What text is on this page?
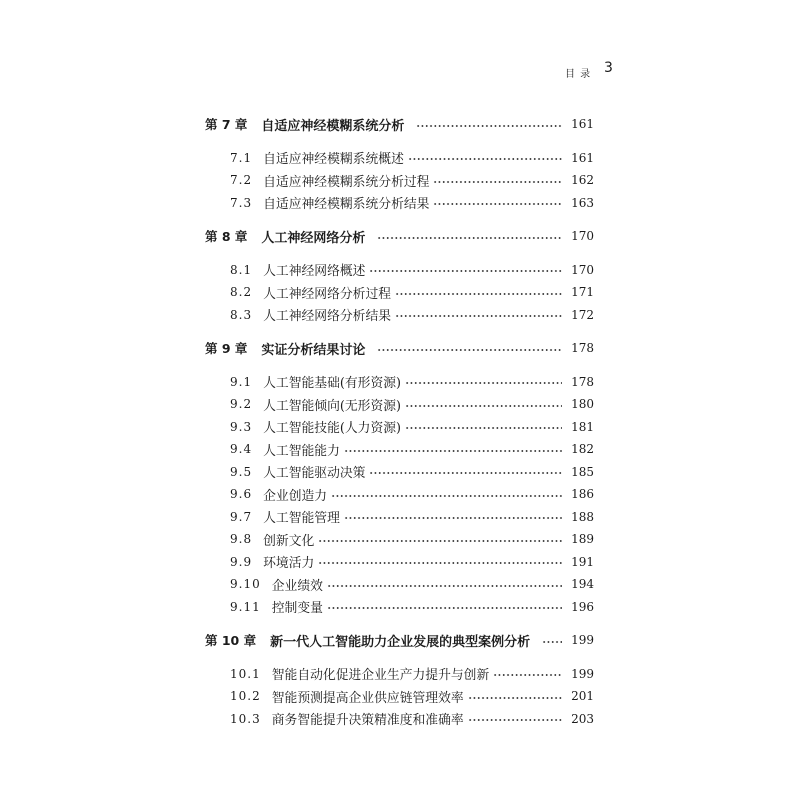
目 录 3
第 7 章 自适应神经模糊系统分析	161
7.1 自适应神经模糊系统概述	161
7.2 自适应神经模糊系统分析过程	162
7.3 自适应神经模糊系统分析结果	163
第 8 章 人工神经网络分析	170
8.1 人工神经网络概述	170
8.2 人工神经网络分析过程	171
8.3 人工神经网络分析结果	172
第 9 章 实证分析结果讨论	178
9.1 人工智能基础(有形资源)	178
9.2 人工智能倾向(无形资源)	180
9.3 人工智能技能(人力资源)	181
9.4 人工智能能力	182
9.5 人工智能驱动决策	185
9.6 企业创造力	186
9.7 人工智能管理	188
9.8 创新文化	189
9.9 环境活力	191
9.10 企业绩效	194
9.11 控制变量	196
第 10 章 新一代人工智能助力企业发展的典型案例分析	199
10.1 智能自动化促进企业生产力提升与创新	199
10.2 智能预测提高企业供应链管理效率	201
10.3 商务智能提升决策精准度和准确率	203
